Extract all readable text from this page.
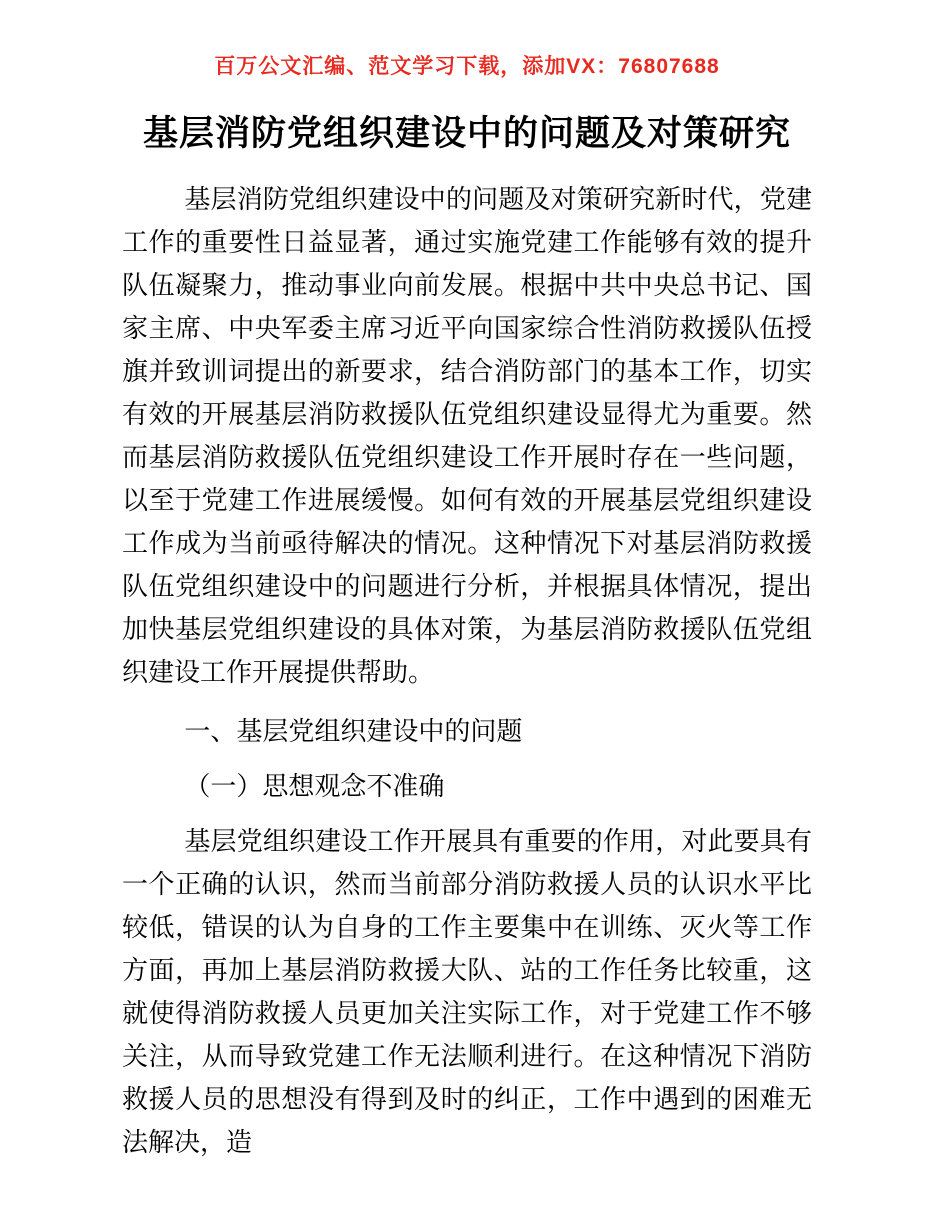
百万公文汇编、范文学习下载，添加VX：76807688
基层消防党组织建设中的问题及对策研究

基层消防党组织建设中的问题及对策研究新时代，党建工作的重要性日益显著，通过实施党建工作能够有效的提升队伍凝聚力，推动事业向前发展。根据中共中央总书记、国家主席、中央军委主席习近平向国家综合性消防救援队伍授旗并致训词提出的新要求，结合消防部门的基本工作，切实有效的开展基层消防救援队伍党组织建设显得尤为重要。然而基层消防救援队伍党组织建设工作开展时存在一些问题，以至于党建工作进展缓慢。如何有效的开展基层党组织建设工作成为当前亟待解决的情况。这种情况下对基层消防救援队伍党组织建设中的问题进行分析，并根据具体情况，提出加快基层党组织建设的具体对策，为基层消防救援队伍党组织建设工作开展提供帮助。

一、基层党组织建设中的问题

（一）思想观念不准确

基层党组织建设工作开展具有重要的作用，对此要具有一个正确的认识，然而当前部分消防救援人员的认识水平比较低，错误的认为自身的工作主要集中在训练、灭火等工作方面，再加上基层消防救援大队、站的工作任务比较重，这就使得消防救援人员更加关注实际工作，对于党建工作不够关注，从而导致党建工作无法顺利进行。在这种情况下消防救援人员的思想没有得到及时的纠正，工作中遇到的困难无法解决，造
